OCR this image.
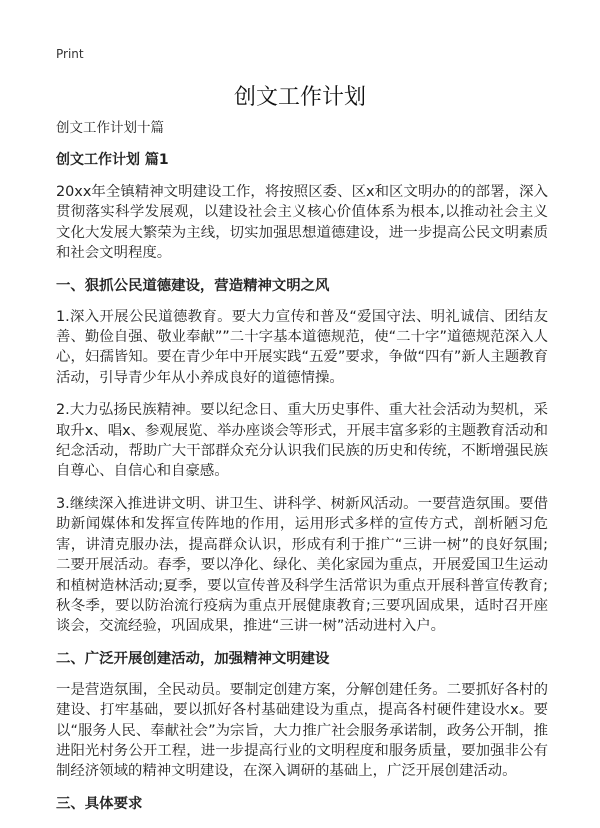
Print
创文工作计划
创文工作计划十篇
创文工作计划 篇1

20xx年全镇精神文明建设工作，将按照区委、区x和区文明办的的部署，深入贯彻落实科学发展观，以建设社会主义核心价值体系为根本,以推动社会主义文化大发展大繁荣为主线，切实加强思想道德建设，进一步提高公民文明素质和社会文明程度。

一、狠抓公民道德建设，营造精神文明之风

1.深入开展公民道德教育。要大力宣传和普及“爱国守法、明礼诚信、团结友善、勤俭自强、敬业奉献””二十字基本道德规范，使“二十字”道德规范深入人心，妇孺皆知。要在青少年中开展实践“五爱”要求，争做“四有”新人主题教育活动，引导青少年从小养成良好的道德情操。

2.大力弘扬民族精神。要以纪念日、重大历史事件、重大社会活动为契机，采取升x、唱x、参观展览、举办座谈会等形式，开展丰富多彩的主题教育活动和纪念活动，帮助广大干部群众充分认识我们民族的历史和传统，不断增强民族自尊心、自信心和自豪感。

3.继续深入推进讲文明、讲卫生、讲科学、树新风活动。一要营造氛围。要借助新闻媒体和发挥宣传阵地的作用，运用形式多样的宣传方式，剖析陋习危害，讲清克服办法，提高群众认识，形成有利于推广“三讲一树”的良好氛围;二要开展活动。春季，要以净化、绿化、美化家园为重点，开展爱国卫生运动和植树造林活动;夏季，要以宣传普及科学生活常识为重点开展科普宣传教育;秋冬季，要以防治流行疫病为重点开展健康教育;三要巩固成果，适时召开座谈会，交流经验，巩固成果，推进“三讲一树”活动进村入户。

二、广泛开展创建活动，加强精神文明建设

一是营造氛围，全民动员。要制定创建方案，分解创建任务。二要抓好各村的建设、打牢基础，要以抓好各村基础建设为重点，提高各村硬件建设水x。要以“服务人民、奉献社会”为宗旨，大力推广社会服务承诺制，政务公开制，推进阳光村务公开工程，进一步提高行业的文明程度和服务质量，要加强非公有制经济领域的精神文明建设，在深入调研的基础上，广泛开展创建活动。

三、具体要求
